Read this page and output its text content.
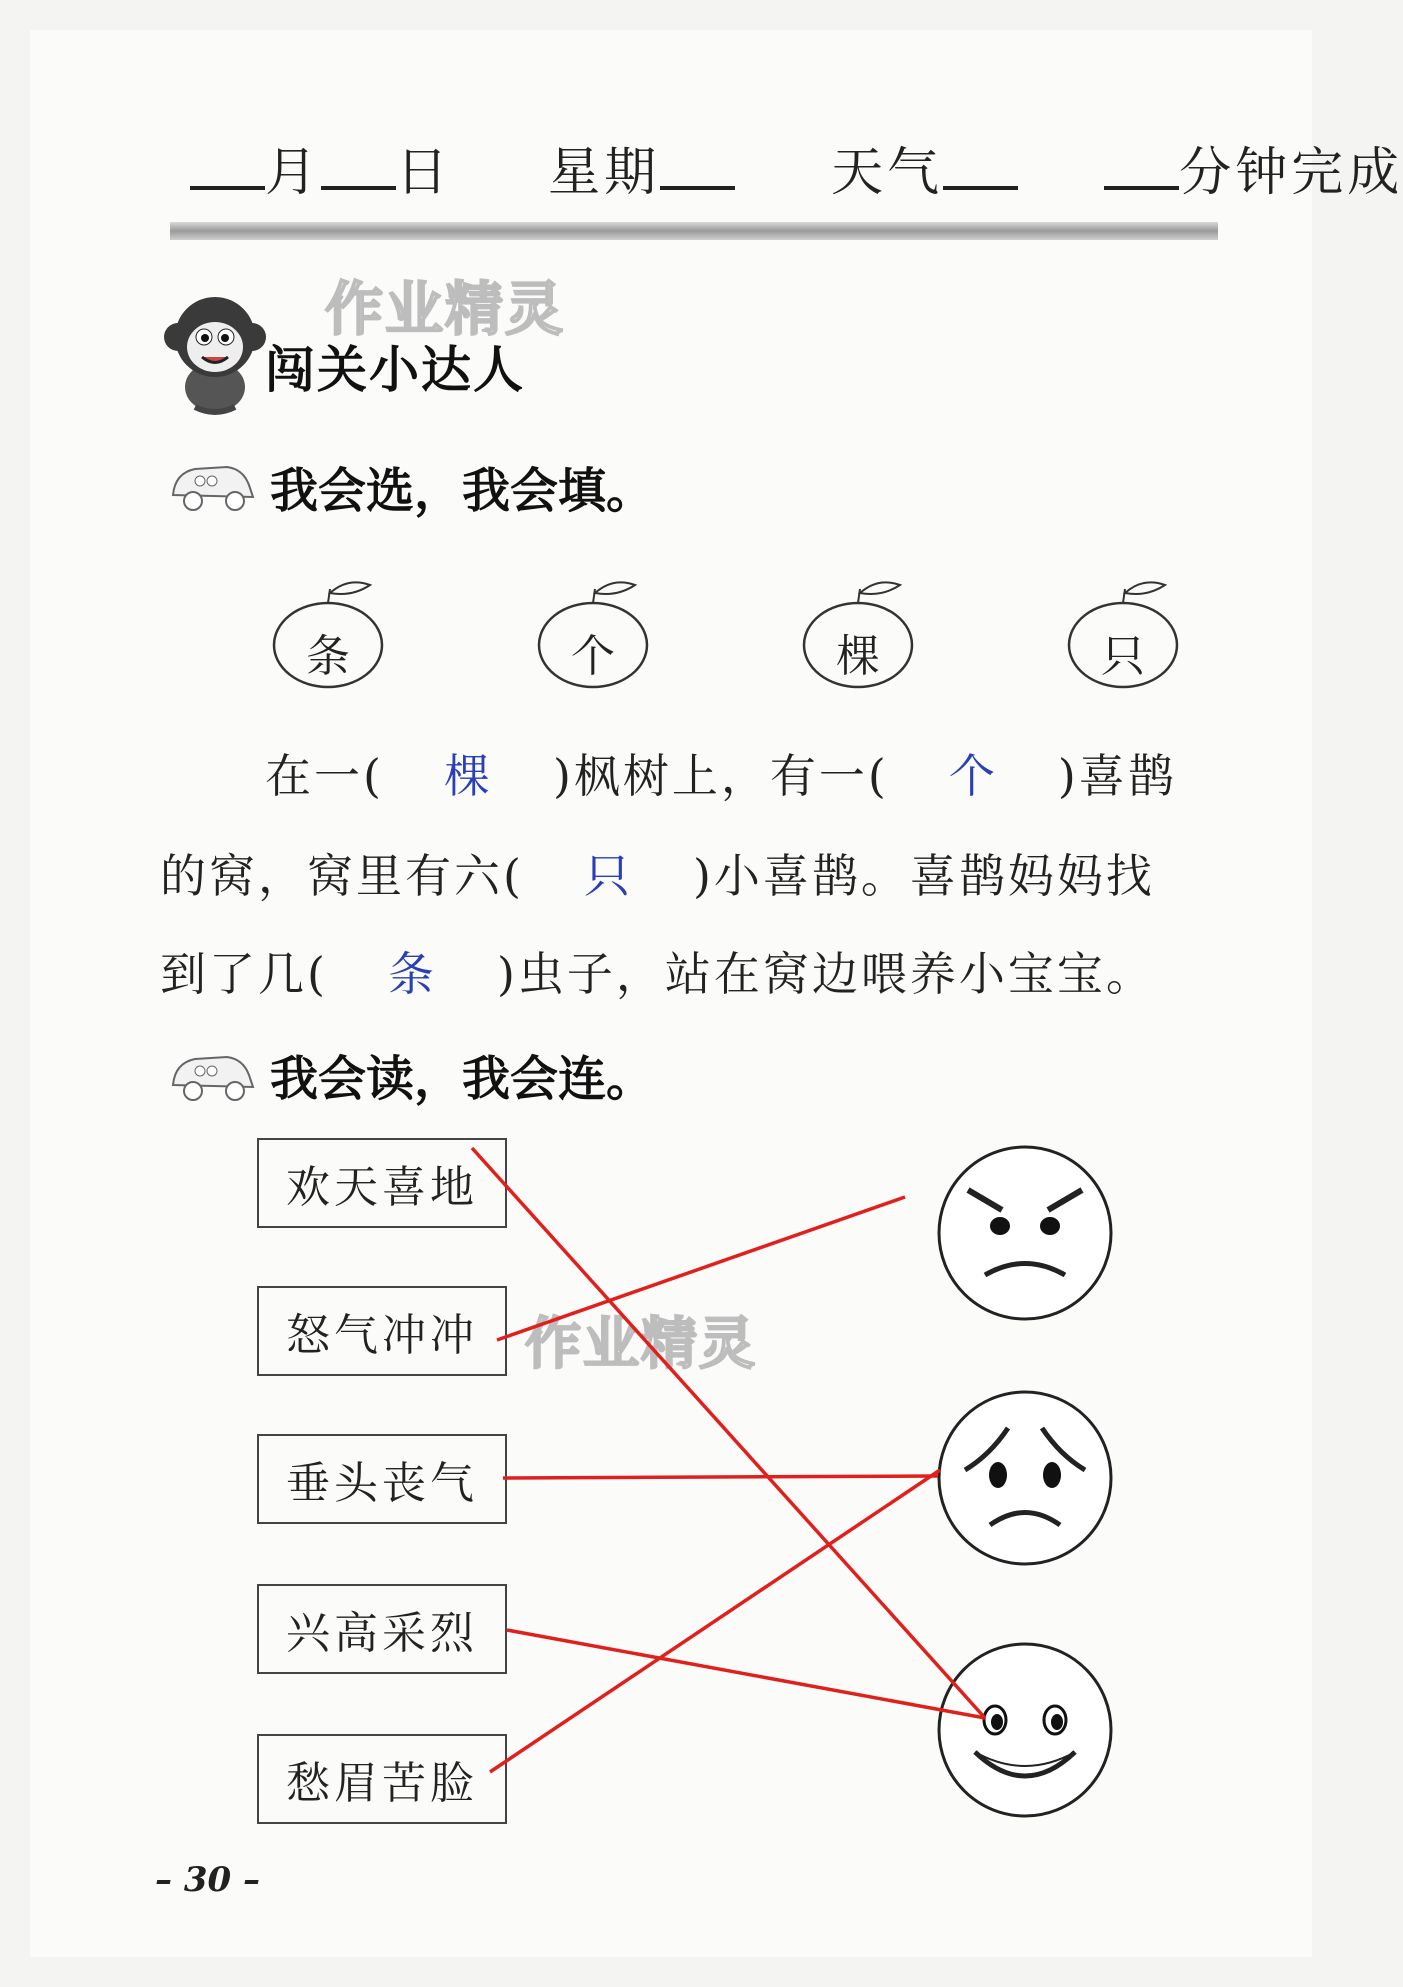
月 日 星期	天气	分钟完成
作业精灵
闯关小达人
我会选，我会填。
条	个	棵	只
在一( 棵 )枫树上，有一( 个 )喜鹊
的窝，窝里有六( 只 )小喜鹊。喜鹊妈妈找
到了几( 条 )虫子，站在窝边喂养小宝宝。
我会读，我会连。
欢天喜地
怒气冲冲
垂头丧气
兴高采烈
愁眉苦脸
作业精灵
– 30 –
